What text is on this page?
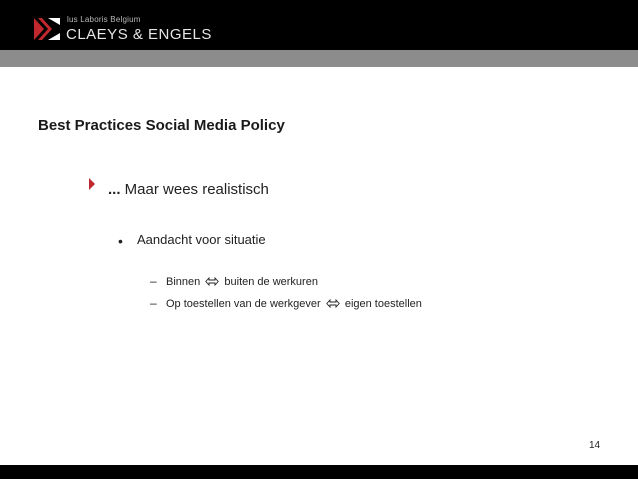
lus Laboris Belgium
CLAEYS & ENGELS
Best Practices Social Media Policy
... Maar wees realistisch
• Aandacht voor situatie
– Binnen buiten de werkuren
– Op toestellen van de werkgever eigen toestellen
14
